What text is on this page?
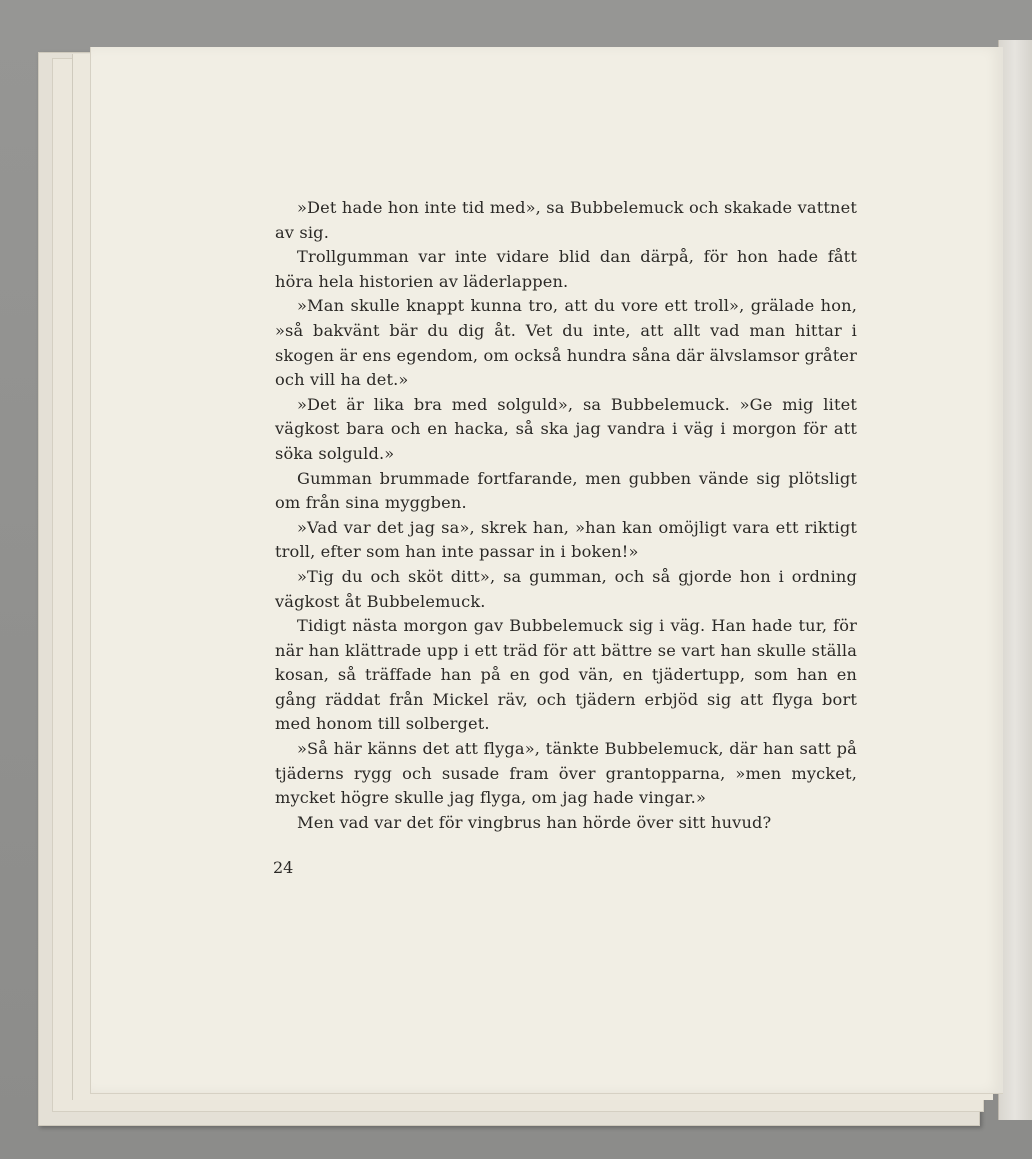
»Det hade hon inte tid med», sa Bubbelemuck och skakade vattnet av sig.

Trollgumman var inte vidare blid dan därpå, för hon hade fått höra hela historien av läderlappen.

»Man skulle knappt kunna tro, att du vore ett troll», grälade hon, »så bakvänt bär du dig åt. Vet du inte, att allt vad man hittar i skogen är ens egendom, om också hundra såna där älvslamsor gråter och vill ha det.»

»Det är lika bra med solguld», sa Bubbelemuck. »Ge mig litet vägkost bara och en hacka, så ska jag vandra i väg i morgon för att söka solguld.»

Gumman brummade fortfarande, men gubben vände sig plötsligt om från sina myggben.

»Vad var det jag sa», skrek han, »han kan omöjligt vara ett riktigt troll, efter som han inte passar in i boken!»

»Tig du och sköt ditt», sa gumman, och så gjorde hon i ordning vägkost åt Bubbelemuck.

Tidigt nästa morgon gav Bubbelemuck sig i väg. Han hade tur, för när han klättrade upp i ett träd för att bättre se vart han skulle ställa kosan, så träffade han på en god vän, en tjädertupp, som han en gång räddat från Mickel räv, och tjädern erbjöd sig att flyga bort med honom till solberget.

»Så här känns det att flyga», tänkte Bubbelemuck, där han satt på tjäderns rygg och susade fram över grantopparna, »men mycket, mycket högre skulle jag flyga, om jag hade vingar.»

Men vad var det för vingbrus han hörde över sitt huvud?

24
